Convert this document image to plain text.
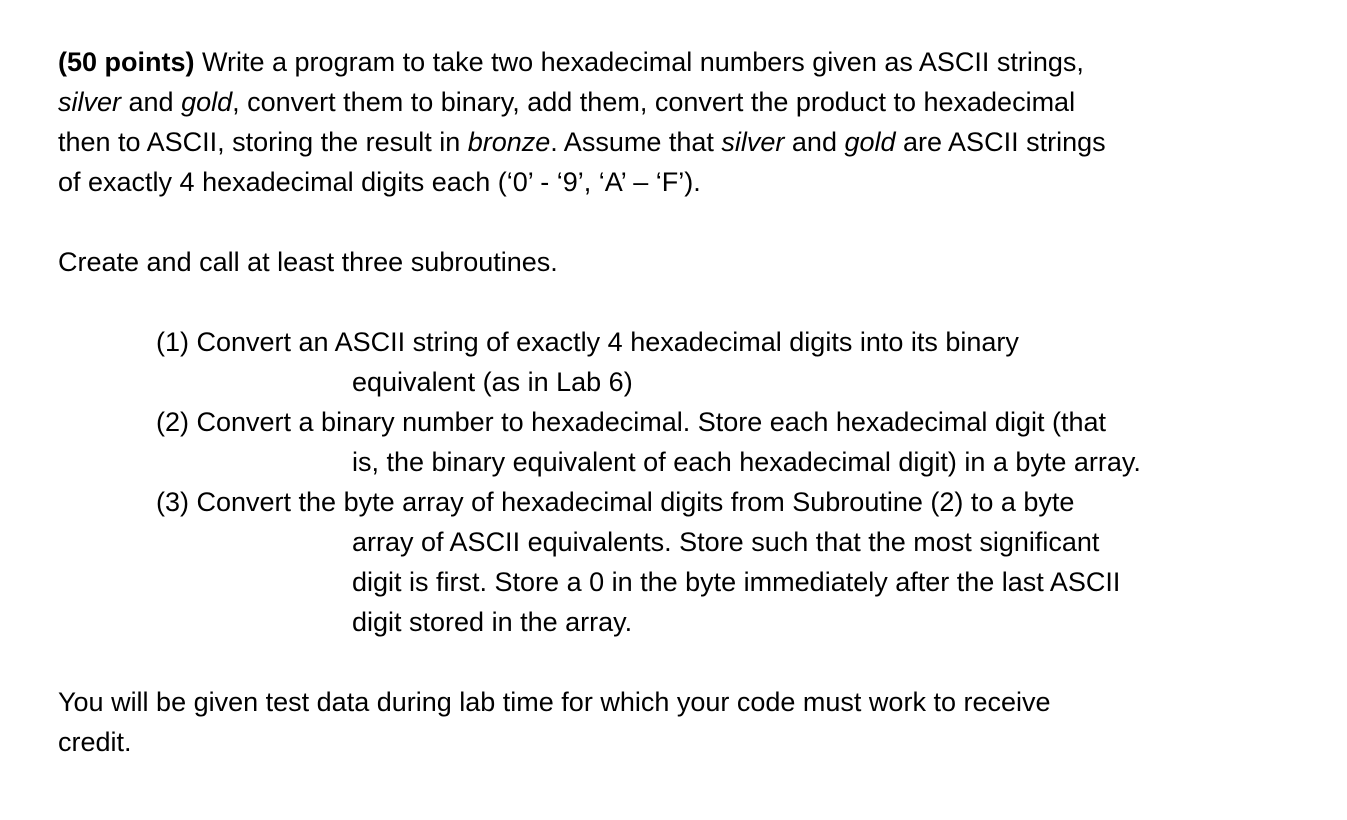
(50 points) Write a program to take two hexadecimal numbers given as ASCII strings,
silver and gold, convert them to binary, add them, convert the product to hexadecimal
then to ASCII, storing the result in bronze. Assume that silver and gold are ASCII strings
of exactly 4 hexadecimal digits each (‘0’ - ‘9’, ‘A’ – ‘F’).

Create and call at least three subroutines.

(1) Convert an ASCII string of exactly 4 hexadecimal digits into its binary
equivalent (as in Lab 6)
(2) Convert a binary number to hexadecimal. Store each hexadecimal digit (that
is, the binary equivalent of each hexadecimal digit) in a byte array.
(3) Convert the byte array of hexadecimal digits from Subroutine (2) to a byte
array of ASCII equivalents. Store such that the most significant
digit is first. Store a 0 in the byte immediately after the last ASCII
digit stored in the array.

You will be given test data during lab time for which your code must work to receive
credit.
